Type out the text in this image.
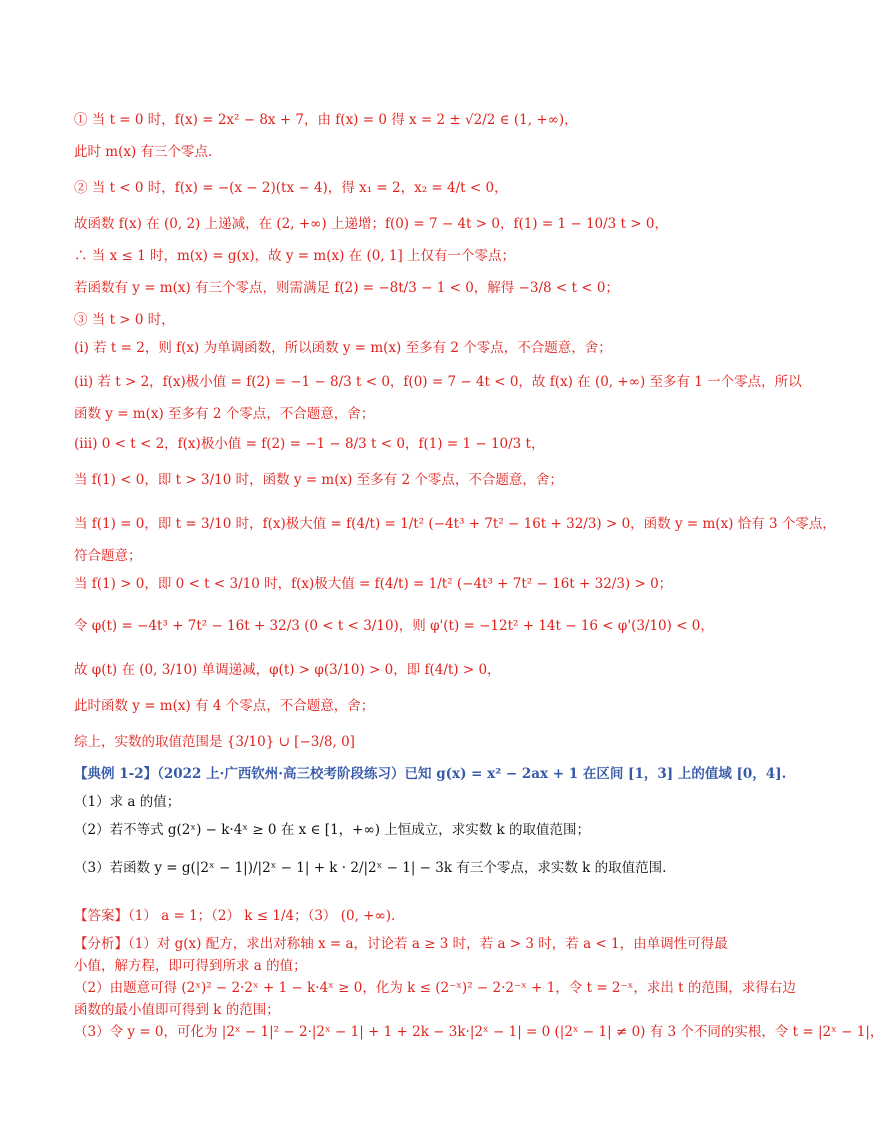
① 当 t = 0 时，f(x) = 2x² − 8x + 7，由 f(x) = 0 得 x = 2 ± √2/2 ∈ (1, +∞)，
此时 m(x) 有三个零点.
② 当 t < 0 时，f(x) = −(x − 2)(tx − 4)，得 x₁ = 2，x₂ = 4/t < 0，
故函数 f(x) 在 (0, 2) 上递减，在 (2, +∞) 上递增；f(0) = 7 − 4t > 0，f(1) = 1 − 10/3 t > 0，
∴ 当 x ≤ 1 时，m(x) = g(x)，故 y = m(x) 在 (0, 1] 上仅有一个零点；
若函数有 y = m(x) 有三个零点，则需满足 f(2) = −8t/3 − 1 < 0，解得 −3/8 < t < 0；
③ 当 t > 0 时，
(i) 若 t = 2，则 f(x) 为单调函数，所以函数 y = m(x) 至多有 2 个零点，不合题意，舍；
(ii) 若 t > 2，f(x)极小值 = f(2) = −1 − 8/3 t < 0，f(0) = 7 − 4t < 0，故 f(x) 在 (0, +∞) 至多有 1 一个零点，所以
函数 y = m(x) 至多有 2 个零点，不合题意，舍；
(iii) 0 < t < 2，f(x)极小值 = f(2) = −1 − 8/3 t < 0，f(1) = 1 − 10/3 t，
当 f(1) < 0，即 t > 3/10 时，函数 y = m(x) 至多有 2 个零点，不合题意，舍；
当 f(1) = 0，即 t = 3/10 时，f(x)极大值 = f(4/t) = 1/t² (−4t³ + 7t² − 16t + 32/3) > 0，函数 y = m(x) 恰有 3 个零点，
符合题意；
当 f(1) > 0，即 0 < t < 3/10 时，f(x)极大值 = f(4/t) = 1/t² (−4t³ + 7t² − 16t + 32/3) > 0；
令 φ(t) = −4t³ + 7t² − 16t + 32/3 (0 < t < 3/10)，则 φ'(t) = −12t² + 14t − 16 < φ'(3/10) < 0，
故 φ(t) 在 (0, 3/10) 单调递减，φ(t) > φ(3/10) > 0，即 f(4/t) > 0，
此时函数 y = m(x) 有 4 个零点，不合题意，舍；
综上，实数的取值范围是 {3/10} ∪ [−3/8, 0]
【典例 1-2】（2022 上·广西钦州·高三校考阶段练习）已知 g(x) = x² − 2ax + 1 在区间 [1，3] 上的值域 [0，4].
（1）求 a 的值；
（2）若不等式 g(2ˣ) − k·4ˣ ≥ 0 在 x ∈ [1，+∞) 上恒成立，求实数 k 的取值范围；
（3）若函数 y = g(|2ˣ − 1|)/|2ˣ − 1| + k · 2/|2ˣ − 1| − 3k 有三个零点，求实数 k 的取值范围.
【答案】（1） a = 1；（2） k ≤ 1/4；（3） (0, +∞).
【分析】（1）对 g(x) 配方，求出对称轴 x = a，讨论若 a ≥ 3 时，若 a > 3 时，若 a < 1，由单调性可得最
小值，解方程，即可得到所求 a 的值；
（2）由题意可得 (2ˣ)² − 2·2ˣ + 1 − k·4ˣ ≥ 0，化为 k ≤ (2⁻ˣ)² − 2·2⁻ˣ + 1，令 t = 2⁻ˣ，求出 t 的范围，求得右边
函数的最小值即可得到 k 的范围；
（3）令 y = 0，可化为 |2ˣ − 1|² − 2·|2ˣ − 1| + 1 + 2k − 3k·|2ˣ − 1| = 0 (|2ˣ − 1| ≠ 0) 有 3 个不同的实根，令 t = |2ˣ − 1|，
